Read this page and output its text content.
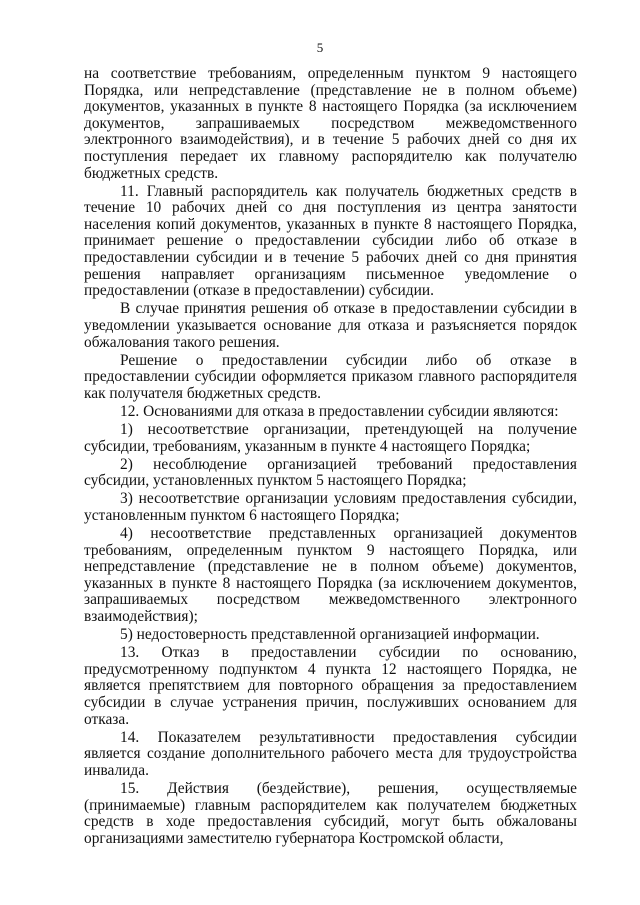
5

на соответствие требованиям, определенным пунктом 9 настоящего Порядка, или непредставление (представление не в полном объеме) документов, указанных в пункте 8 настоящего Порядка (за исключением документов, запрашиваемых посредством межведомственного электронного взаимодействия), и в течение 5 рабочих дней со дня их поступления передает их главному распорядителю как получателю бюджетных средств.

11. Главный распорядитель как получатель бюджетных средств в течение 10 рабочих дней со дня поступления из центра занятости населения копий документов, указанных в пункте 8 настоящего Порядка, принимает решение о предоставлении субсидии либо об отказе в предоставлении субсидии и в течение 5 рабочих дней со дня принятия решения направляет организациям письменное уведомление о предоставлении (отказе в предоставлении) субсидии.

В случае принятия решения об отказе в предоставлении субсидии в уведомлении указывается основание для отказа и разъясняется порядок обжалования такого решения.

Решение о предоставлении субсидии либо об отказе в предоставлении субсидии оформляется приказом главного распорядителя как получателя бюджетных средств.

12. Основаниями для отказа в предоставлении субсидии являются:

1) несоответствие организации, претендующей на получение субсидии, требованиям, указанным в пункте 4 настоящего Порядка;

2) несоблюдение организацией требований предоставления субсидии, установленных пунктом 5 настоящего Порядка;

3) несоответствие организации условиям предоставления субсидии, установленным пунктом 6 настоящего Порядка;

4) несоответствие представленных организацией документов требованиям, определенным пунктом 9 настоящего Порядка, или непредставление (представление не в полном объеме) документов, указанных в пункте 8 настоящего Порядка (за исключением документов, запрашиваемых посредством межведомственного электронного взаимодействия);

5) недостоверность представленной организацией информации.

13. Отказ в предоставлении субсидии по основанию, предусмотренному подпунктом 4 пункта 12 настоящего Порядка, не является препятствием для повторного обращения за предоставлением субсидии в случае устранения причин, послуживших основанием для отказа.

14. Показателем результативности предоставления субсидии является создание дополнительного рабочего места для трудоустройства инвалида.

15. Действия (бездействие), решения, осуществляемые (принимаемые) главным распорядителем как получателем бюджетных средств в ходе предоставления субсидий, могут быть обжалованы организациями заместителю губернатора Костромской области,
